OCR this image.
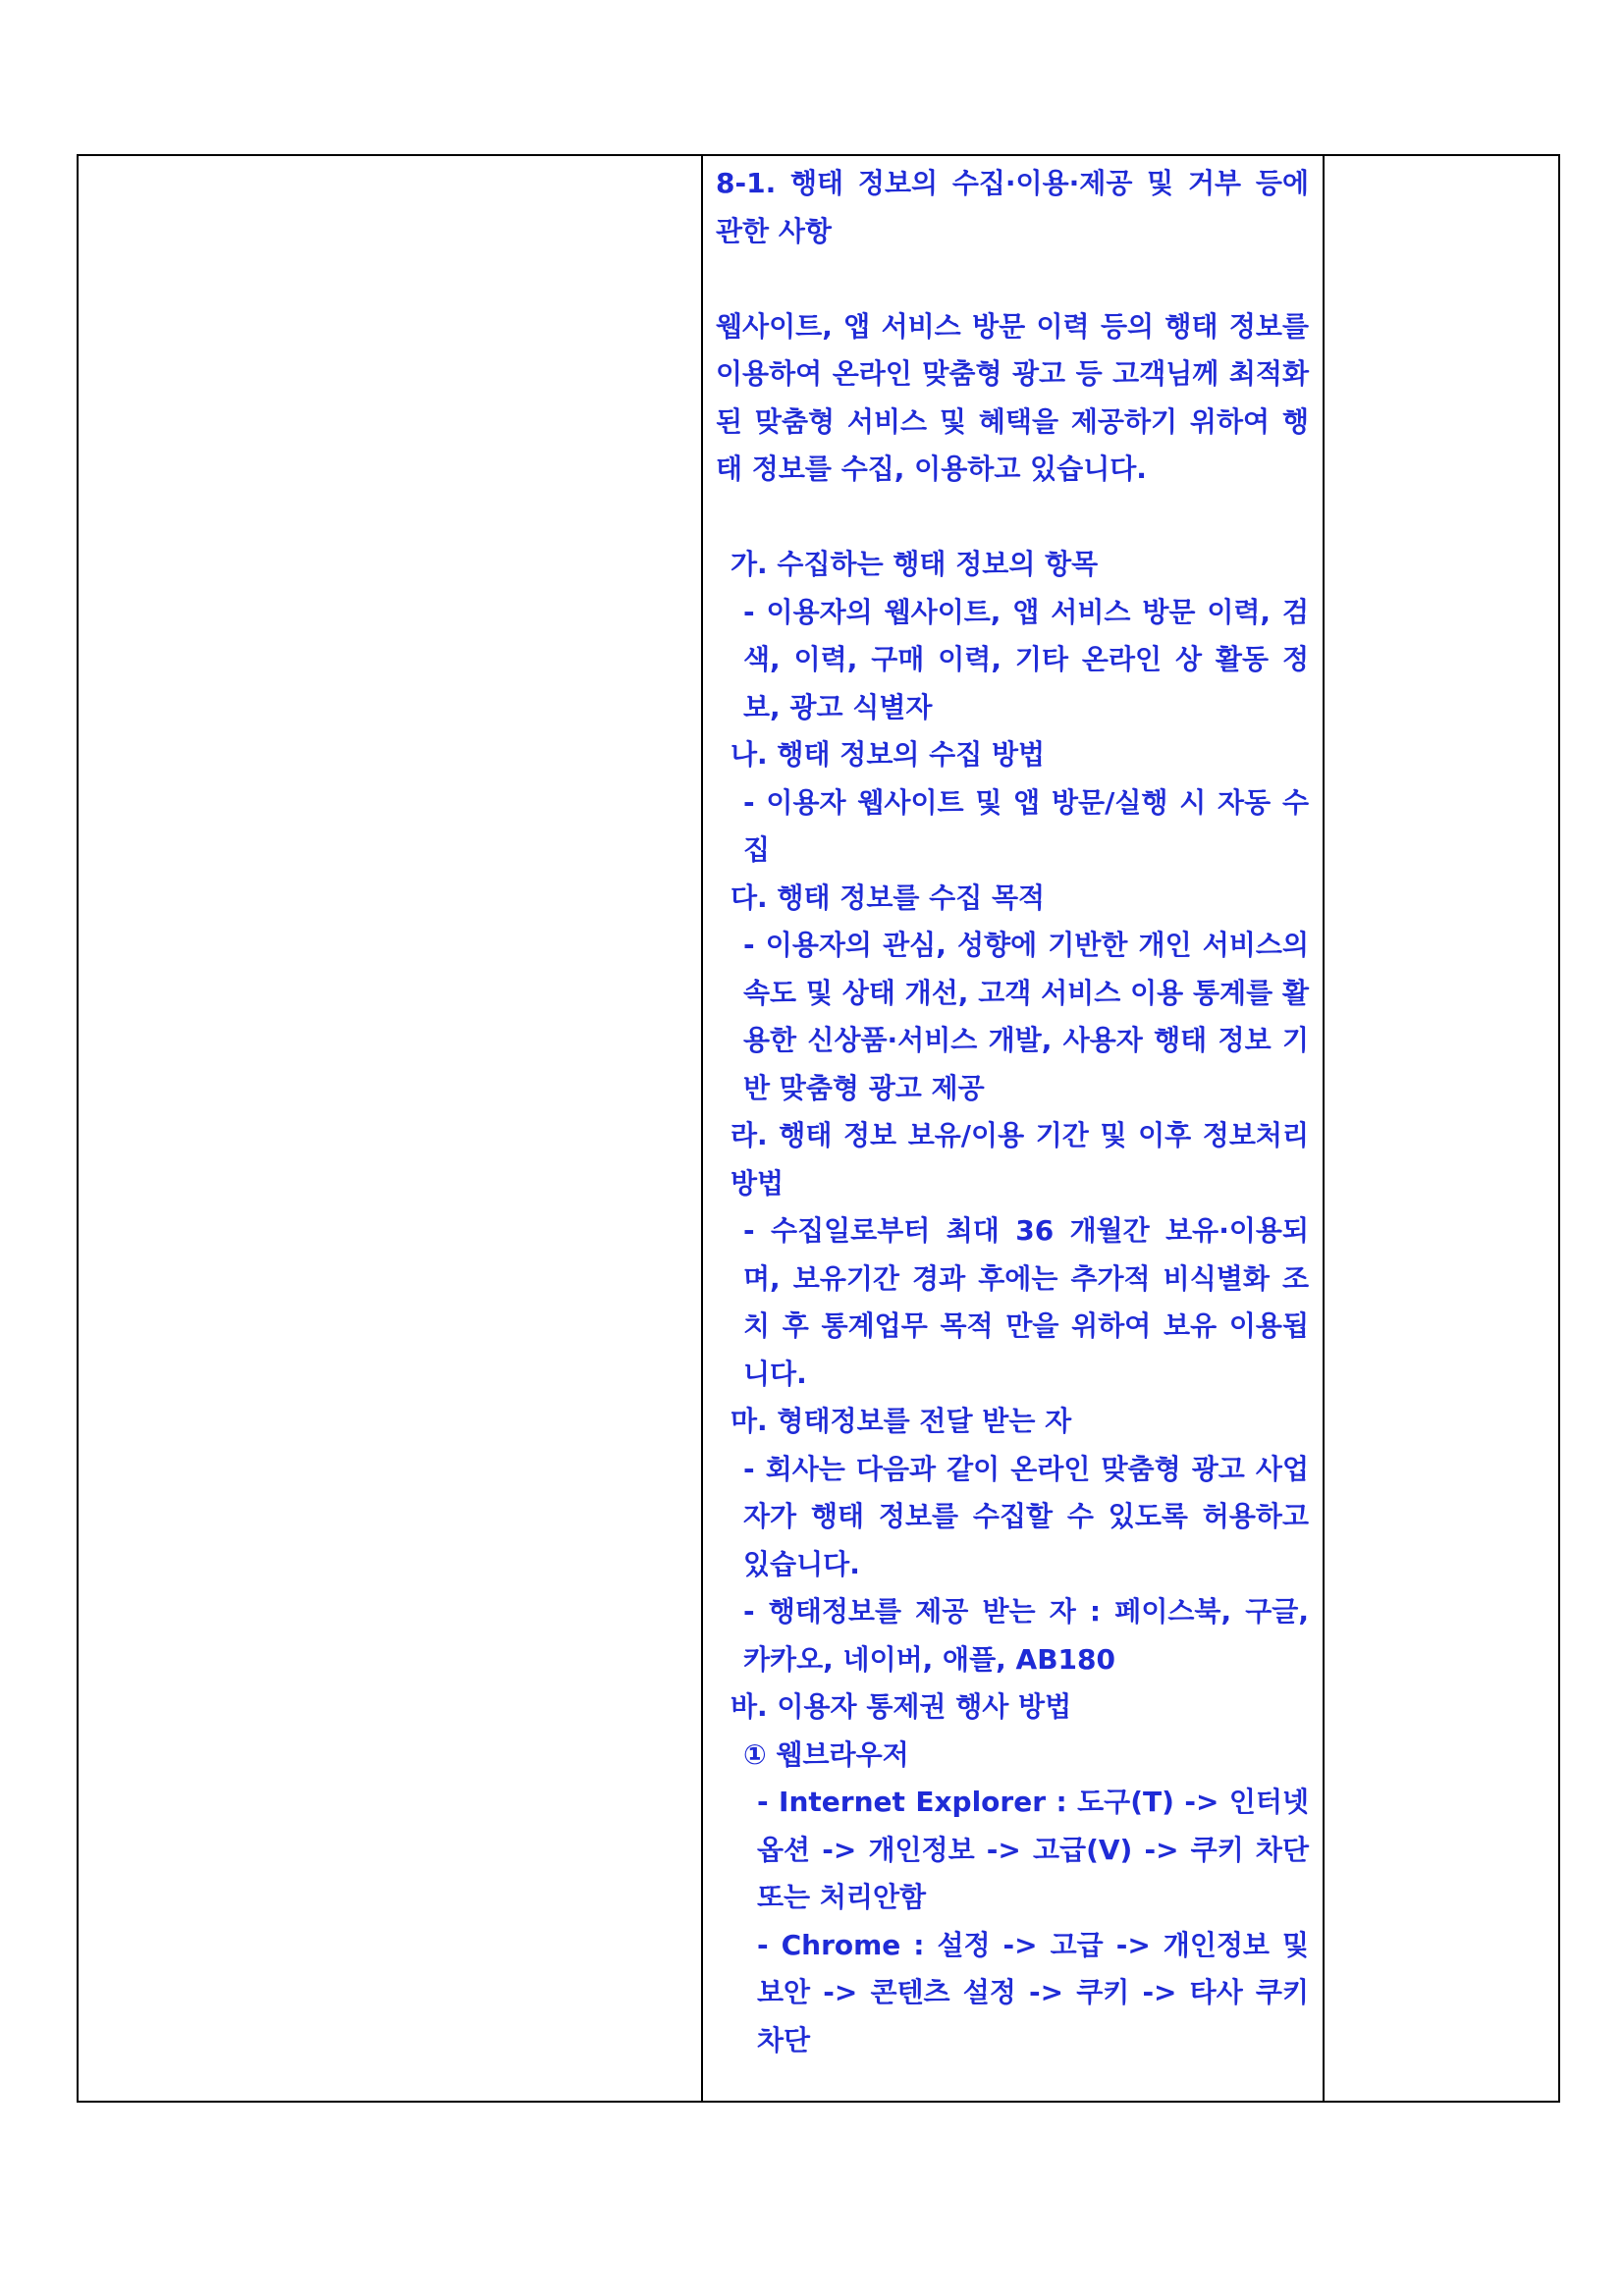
8-1. 행태 정보의 수집·이용·제공 및 거부 등에 관한 사항

웹사이트, 앱 서비스 방문 이력 등의 행태 정보를 이용하여 온라인 맞춤형 광고 등 고객님께 최적화된 맞춤형 서비스 및 혜택을 제공하기 위하여 행태 정보를 수집, 이용하고 있습니다.

가. 수집하는 행태 정보의 항목

- 이용자의 웹사이트, 앱 서비스 방문 이력, 검색, 이력, 구매 이력, 기타 온라인 상 활동 정보, 광고 식별자

나. 행태 정보의 수집 방법

- 이용자 웹사이트 및 앱 방문/실행 시 자동 수집

다. 행태 정보를 수집 목적

- 이용자의 관심, 성향에 기반한 개인 서비스의 속도 및 상태 개선, 고객 서비스 이용 통계를 활용한 신상품·서비스 개발, 사용자 행태 정보 기반 맞춤형 광고 제공

라. 행태 정보 보유/이용 기간 및 이후 정보처리 방법

- 수집일로부터 최대 36 개월간 보유·이용되며, 보유기간 경과 후에는 추가적 비식별화 조치 후 통계업무 목적 만을 위하여 보유 이용됩니다.

마. 형태정보를 전달 받는 자

- 회사는 다음과 같이 온라인 맞춤형 광고 사업자가 행태 정보를 수집할 수 있도록 허용하고 있습니다.

- 행태정보를 제공 받는 자 : 페이스북, 구글, 카카오, 네이버, 애플, AB180

바. 이용자 통제권 행사 방법

① 웹브라우저

- Internet Explorer : 도구(T) -> 인터넷 옵션 -> 개인정보 -> 고급(V) -> 쿠키 차단 또는 처리안함

- Chrome : 설정 -> 고급 -> 개인정보 및 보안 -> 콘텐츠 설정 -> 쿠키 -> 타사 쿠키 차단
